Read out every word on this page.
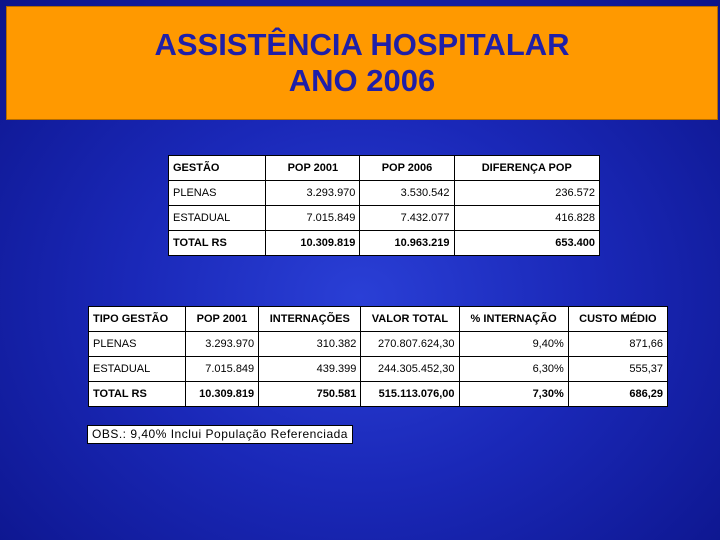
ASSISTÊNCIA HOSPITALAR
ANO 2006
GESTÃO	POP 2001	POP 2006	DIFERENÇA POP
PLENAS	3.293.970	3.530.542	236.572
ESTADUAL	7.015.849	7.432.077	416.828
TOTAL RS	10.309.819	10.963.219	653.400
TIPO GESTÃO	POP 2001	INTERNAÇÕES	VALOR TOTAL	% INTERNAÇÃO	CUSTO MÉDIO
PLENAS	3.293.970	310.382	270.807.624,30	9,40%	871,66
ESTADUAL	7.015.849	439.399	244.305.452,30	6,30%	555,37
TOTAL RS	10.309.819	750.581	515.113.076,00	7,30%	686,29
OBS.: 9,40% Inclui População Referenciada
